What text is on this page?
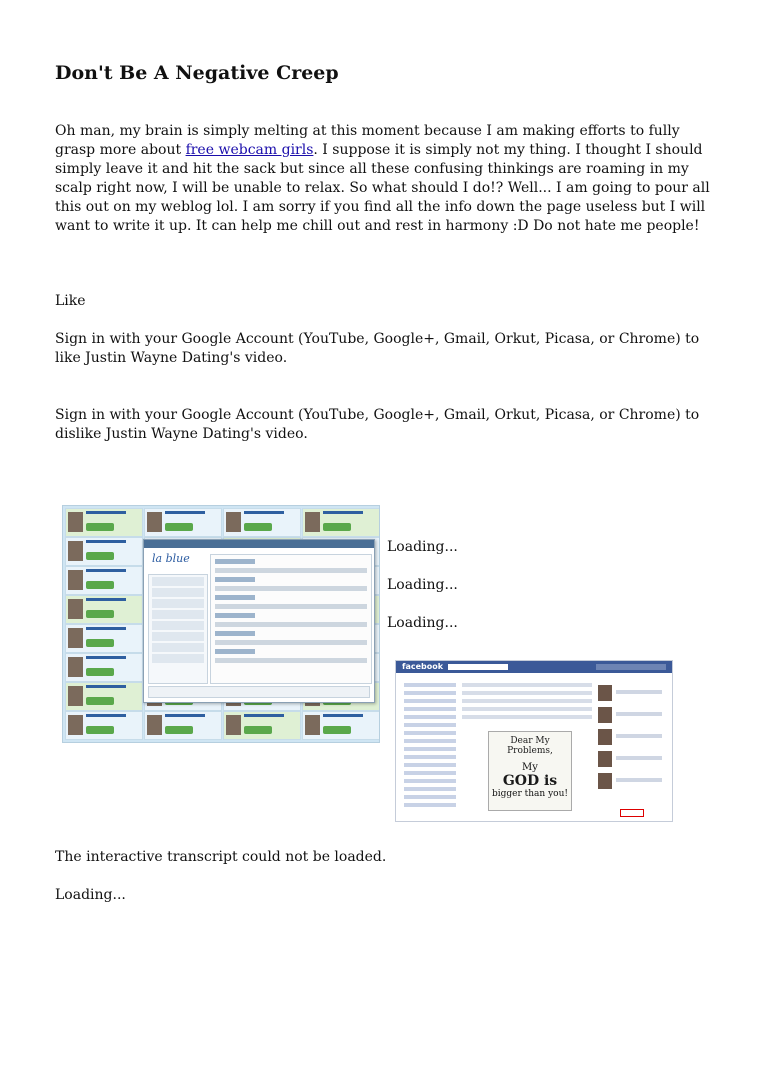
Don't Be A Negative Creep

Oh man, my brain is simply melting at this moment because I am making efforts to fully grasp more about free webcam girls. I suppose it is simply not my thing. I thought I should simply leave it and hit the sack but since all these confusing thinkings are roaming in my scalp right now, I will be unable to relax. So what should I do!? Well... I am going to pour all this out on my weblog lol. I am sorry if you find all the info down the page useless but I will want to write it up. It can help me chill out and rest in harmony :D Do not hate me people!

Like

Sign in with your Google Account (YouTube, Google+, Gmail, Orkut, Picasa, or Chrome) to like Justin Wayne Dating's video.

Sign in with your Google Account (YouTube, Google+, Gmail, Orkut, Picasa, or Chrome) to dislike Justin Wayne Dating's video.

la blue

Loading...

Loading...

Loading...

facebook
Dear My Problems,
My
GOD is
bigger than you!

The interactive transcript could not be loaded.

Loading...
